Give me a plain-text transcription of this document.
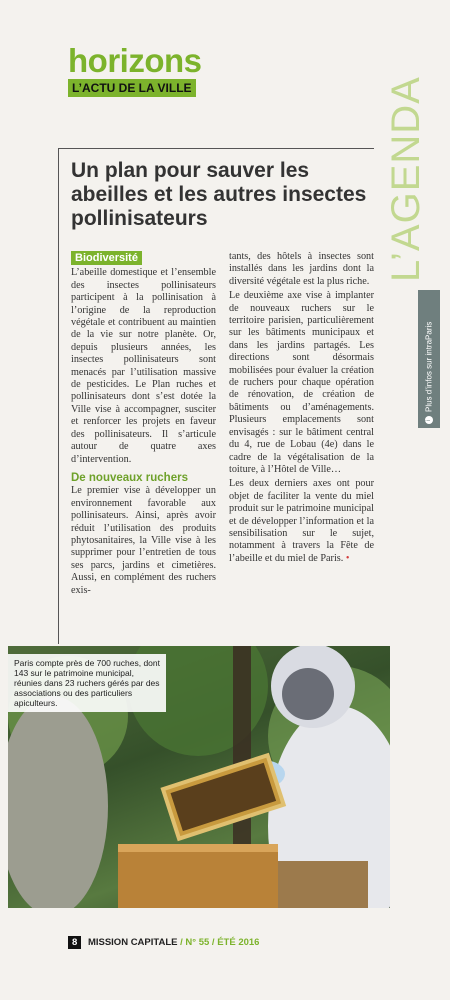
horizons
L’ACTU DE LA VILLE	L’AGENDA
i
Plus d’infos sur intraParis
Un plan pour sauver les abeilles et les autres insectes pollinisateurs
Biodiversité

L’abeille domestique et l’ensemble des insectes pollinisateurs participent à la pollinisation à l’origine de la reproduction végétale et contribuent au maintien de la vie sur notre planète. Or, depuis plusieurs années, les insectes pollinisateurs sont menacés par l’utilisation massive de pesticides. Le Plan ruches et pollinisateurs dont s’est dotée la Ville vise à accompagner, susciter et renforcer les projets en faveur des pollinisateurs. Il s’articule autour de quatre axes d’intervention.

De nouveaux ruchers

Le premier vise à développer un environnement favorable aux pollinisateurs. Ainsi, après avoir réduit l’utilisation des produits phytosanitaires, la Ville vise à les supprimer pour l’entretien de tous ses parcs, jardins et cimetières. Aussi, en complément des ruchers exis-

tants, des hôtels à insectes sont installés dans les jardins dont la diversité végétale est la plus riche.

Le deuxième axe vise à implanter de nouveaux ruchers sur le territoire parisien, particulièrement sur les bâtiments municipaux et dans les jardins partagés. Les directions sont désormais mobilisées pour évaluer la création de ruchers pour chaque opération de rénovation, de création de bâtiments ou d’aménagements. Plusieurs emplacements sont envisagés : sur le bâtiment central du 4, rue de Lobau (4e) dans le cadre de la végétalisation de la toiture, à l’Hôtel de Ville…

Les deux derniers axes ont pour objet de faciliter la vente du miel produit sur le patrimoine municipal et de développer l’information et la sensibilisation sur le sujet, notamment à travers la Fête de l’abeille et du miel de Paris. •

Paris compte près de 700 ruches, dont 143 sur le patrimoine municipal, réunies dans 23 ruchers gérés par des associations ou des particuliers apiculteurs.
8 MISSION CAPITALE / N° 55 / ÉTÉ 2016
